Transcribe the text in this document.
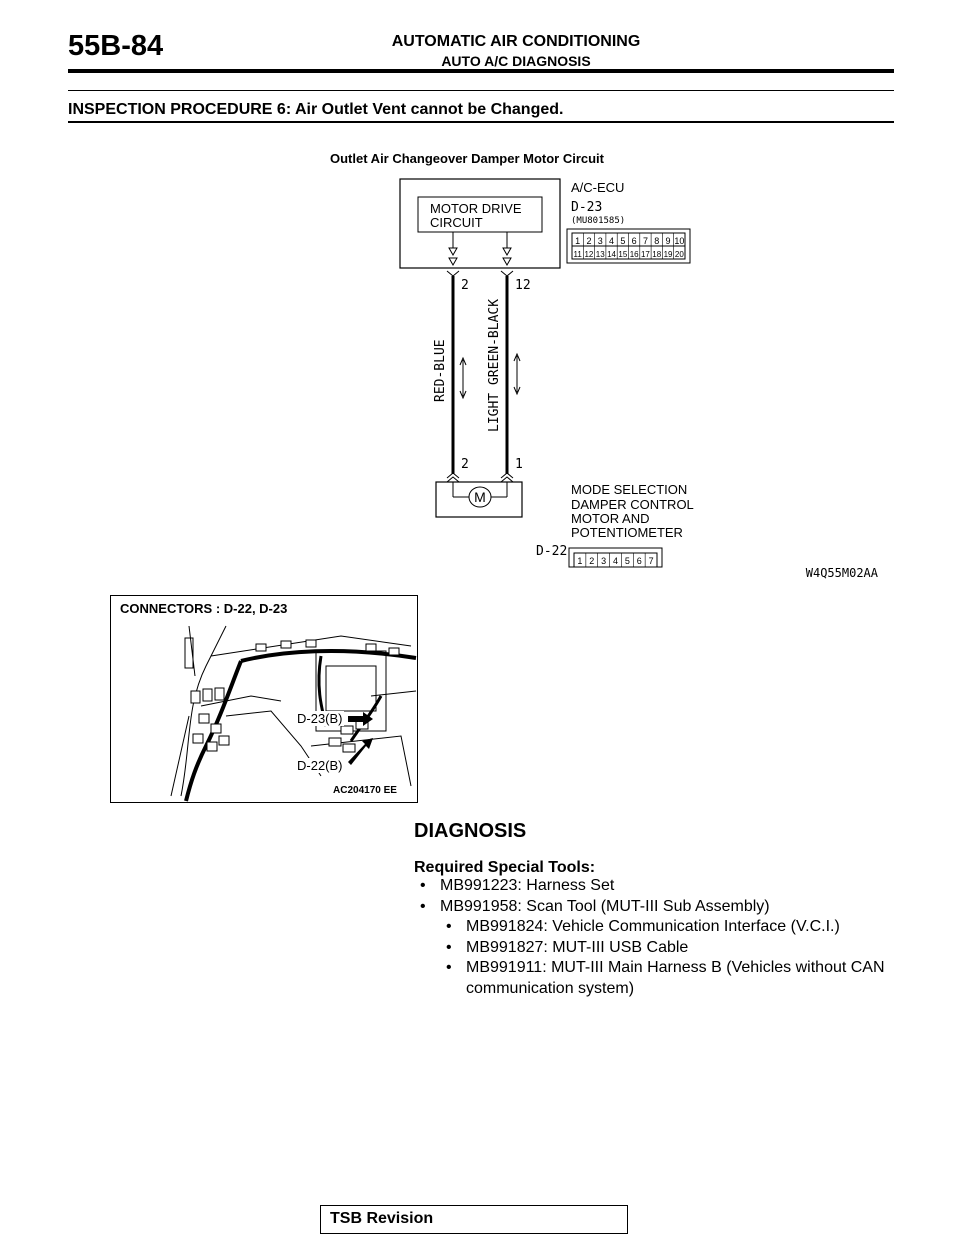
55B-84	AUTOMATIC AIR CONDITIONING
AUTO A/C DIAGNOSIS
INSPECTION PROCEDURE 6: Air Outlet Vent cannot be Changed.
Outlet Air Changeover Damper Motor Circuit
MOTOR DRIVE
CIRCUIT
A/C-ECU
D-23
(MU801585)
1 2 3 4 5 6 7 8 9 10
11 12 13 14 15 16 17 18 19 20
2	12
RED-BLUE	LIGHT GREEN-BLACK
2	1
M	MODE SELECTION
DAMPER CONTROL
MOTOR AND
POTENTIOMETER
D-22
1 2 3 4 5 6 7
W4Q55M02AA
CONNECTORS : D-22, D-23
D-23(B)
D-22(B)
AC204170 EE
DIAGNOSIS
Required Special Tools:
• MB991223: Harness Set
• MB991958: Scan Tool (MUT-III Sub Assembly)
• MB991824: Vehicle Communication Interface (V.C.I.)
• MB991827: MUT-III USB Cable
• MB991911: MUT-III Main Harness B (Vehicles without CAN communication system)
TSB Revision
